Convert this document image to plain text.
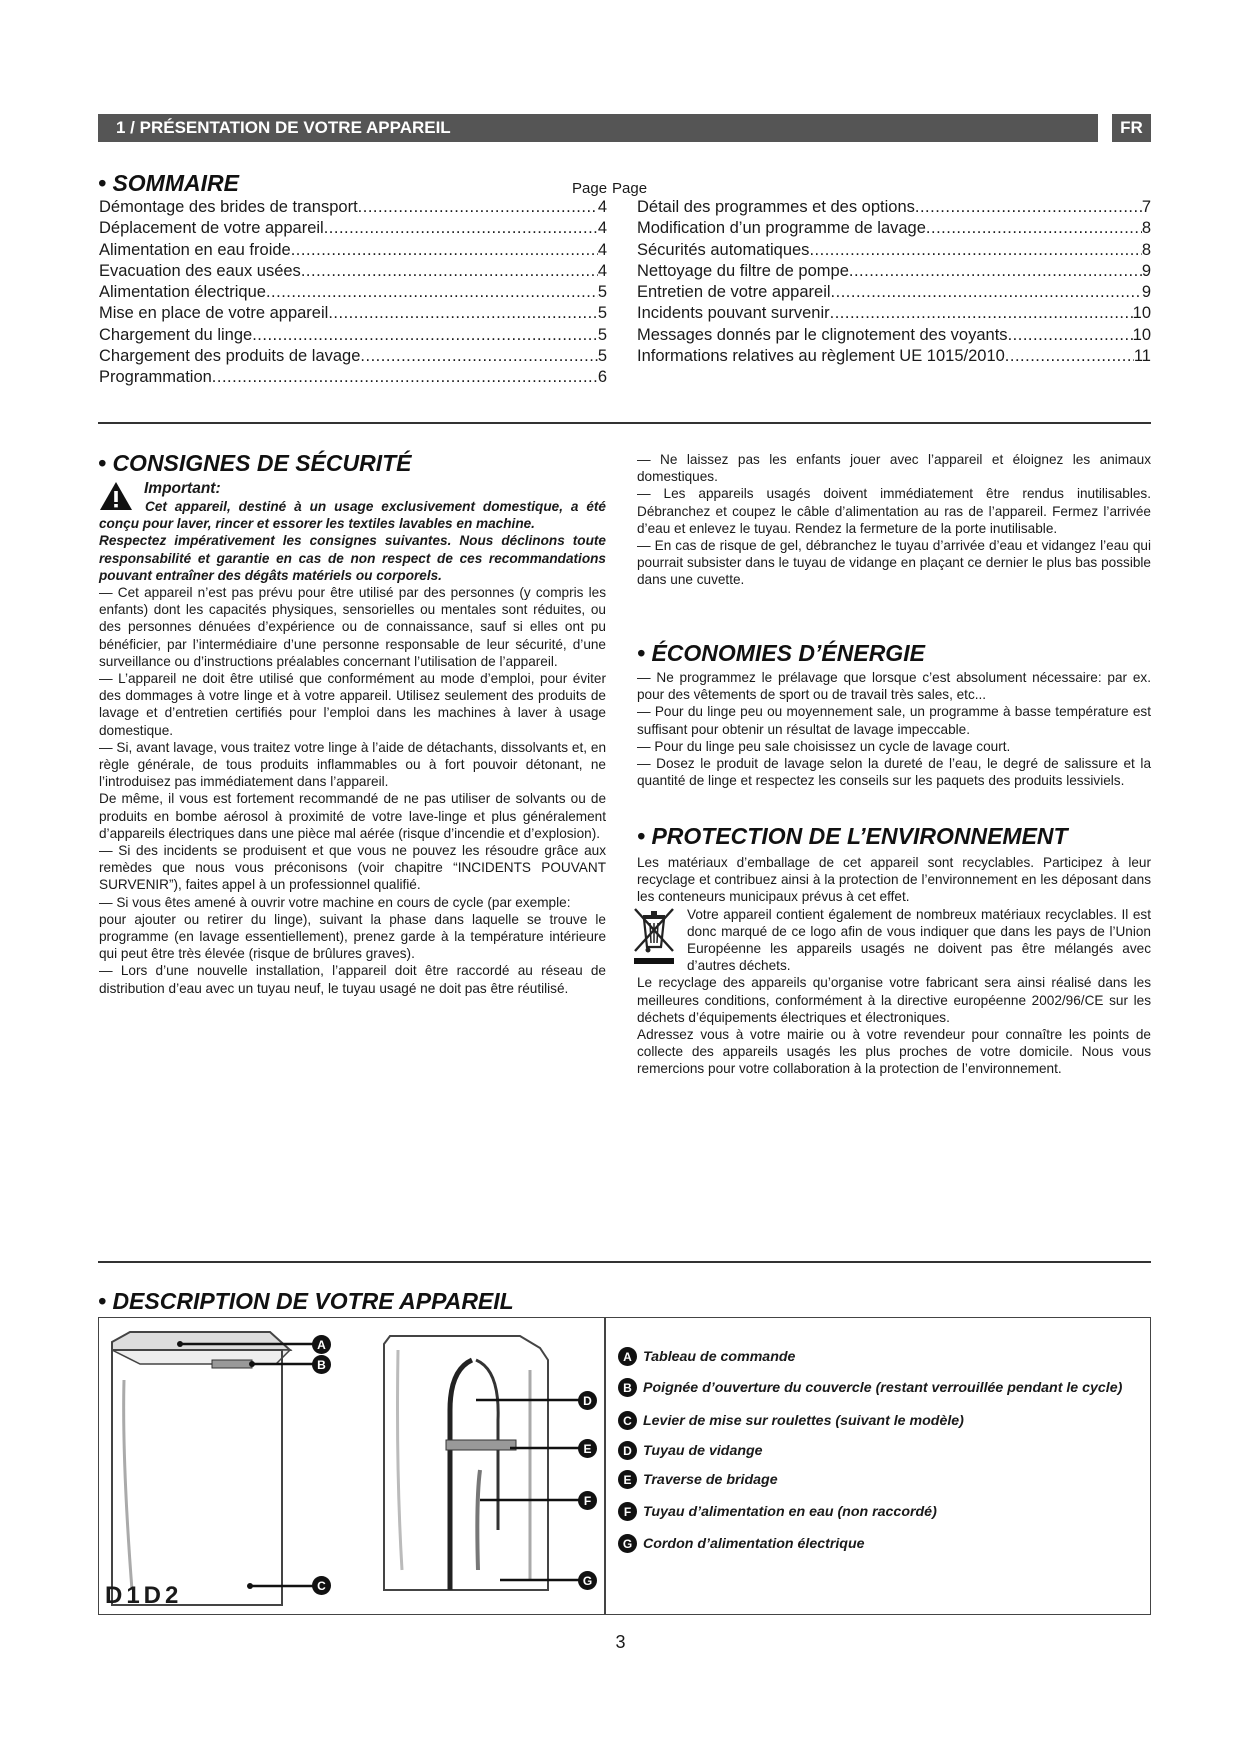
1 / PRÉSENTATION DE VOTRE APPAREIL	FR
• SOMMAIRE	Page Page
Démontage des brides de transport .....	4
Déplacement de votre appareil .....	4
Alimentation en eau froide .....	4
Evacuation des eaux usées .....	4
Alimentation électrique .....	5
Mise en place de votre appareil .....	5
Chargement du linge .....	5
Chargement des produits de lavage .....	5
Programmation .....	6
Détail des programmes et des options .....	7
Modification d’un programme de lavage .....	8
Sécurités automatiques .....	8
Nettoyage du filtre de pompe .....	9
Entretien de votre appareil .....	9
Incidents pouvant survenir .....	10
Messages donnés par le clignotement des voyants .....	10
Informations relatives au règlement UE 1015/2010 .....	11
• CONSIGNES DE SÉCURITÉ
Important:

Cet appareil, destiné à un usage exclusivement domestique, a été conçu pour laver, rincer et essorer les textiles lavables en machine.

Respectez impérativement les consignes suivantes. Nous déclinons toute responsabilité et garantie en cas de non respect de ces recommandations pouvant entraîner des dégâts matériels ou corporels.

— Cet appareil n’est pas prévu pour être utilisé par des personnes (y compris les enfants) dont les capacités physiques, sensorielles ou mentales sont réduites, ou des personnes dénuées d’expérience ou de connaissance, sauf si elles ont pu bénéficier, par l’intermédiaire d’une personne responsable de leur sécurité, d’une surveillance ou d’instructions préalables concernant l’utilisation de l’appareil.

— L’appareil ne doit être utilisé que conformément au mode d’emploi, pour éviter des dommages à votre linge et à votre appareil. Utilisez seulement des produits de lavage et d’entretien certifiés pour l’emploi dans les machines à laver à usage domestique.

— Si, avant lavage, vous traitez votre linge à l’aide de détachants, dissolvants et, en règle générale, de tous produits inflammables ou à fort pouvoir détonant, ne l’introduisez pas immédiatement dans l’appareil.

De même, il vous est fortement recommandé de ne pas utiliser de solvants ou de produits en bombe aérosol à proximité de votre lave-linge et plus généralement d’appareils électriques dans une pièce mal aérée (risque d’incendie et d’explosion).

— Si des incidents se produisent et que vous ne pouvez les résoudre grâce aux remèdes que nous vous préconisons (voir chapitre “INCIDENTS POUVANT SURVENIR”), faites appel à un professionnel qualifié.

— Si vous êtes amené à ouvrir votre machine en cours de cycle (par exemple:

pour ajouter ou retirer du linge), suivant la phase dans laquelle se trouve le programme (en lavage essentiellement), prenez garde à la température intérieure qui peut être très élevée (risque de brûlures graves).

— Lors d’une nouvelle installation, l’appareil doit être raccordé au réseau de distribution d’eau avec un tuyau neuf, le tuyau usagé ne doit pas être réutilisé.

— Ne laissez pas les enfants jouer avec l’appareil et éloignez les animaux domestiques.

— Les appareils usagés doivent immédiatement être rendus inutilisables. Débranchez et coupez le câble d’alimentation au ras de l’appareil. Fermez l’arrivée d’eau et enlevez le tuyau. Rendez la fermeture de la porte inutilisable.

— En cas de risque de gel, débranchez le tuyau d’arrivée d’eau et vidangez l’eau qui pourrait subsister dans le tuyau de vidange en plaçant ce dernier le plus bas possible dans une cuvette.

• ÉCONOMIES D’ÉNERGIE

— Ne programmez le prélavage que lorsque c’est absolument nécessaire: par ex. pour des vêtements de sport ou de travail très sales, etc...

— Pour du linge peu ou moyennement sale, un programme à basse température est suffisant pour obtenir un résultat de lavage impeccable.

— Pour du linge peu sale choisissez un cycle de lavage court.

— Dosez le produit de lavage selon la dureté de l’eau, le degré de salissure et la quantité de linge et respectez les conseils sur les paquets des produits lessiviels.

• PROTECTION DE L’ENVIRONNEMENT

Les matériaux d’emballage de cet appareil sont recyclables. Participez à leur recyclage et contribuez ainsi à la protection de l’environnement en les déposant dans les conteneurs municipaux prévus à cet effet.

Votre appareil contient également de nombreux matériaux recyclables. Il est donc marqué de ce logo afin de vous indiquer que dans les pays de l’Union Européenne les appareils usagés ne doivent pas être mélangés avec d’autres déchets.

Le recyclage des appareils qu’organise votre fabricant sera ainsi réalisé dans les meilleures conditions, conformément à la directive européenne 2002/96/CE sur les déchets d’équipements électriques et électroniques.

Adressez vous à votre mairie ou à votre revendeur pour connaître les points de collecte des appareils usagés les plus proches de votre domicile. Nous vous remercions pour votre collaboration à la protection de l’environnement.

• DESCRIPTION DE VOTRE APPAREIL
A
B
C
D1D2
D
E
F
G
A Tableau de commande
B Poignée d’ouverture du couvercle (restant verrouillée pendant le cycle)
C Levier de mise sur roulettes (suivant le modèle)
D Tuyau de vidange
E Traverse de bridage
F Tuyau d’alimentation en eau (non raccordé)
G Cordon d’alimentation électrique
3
